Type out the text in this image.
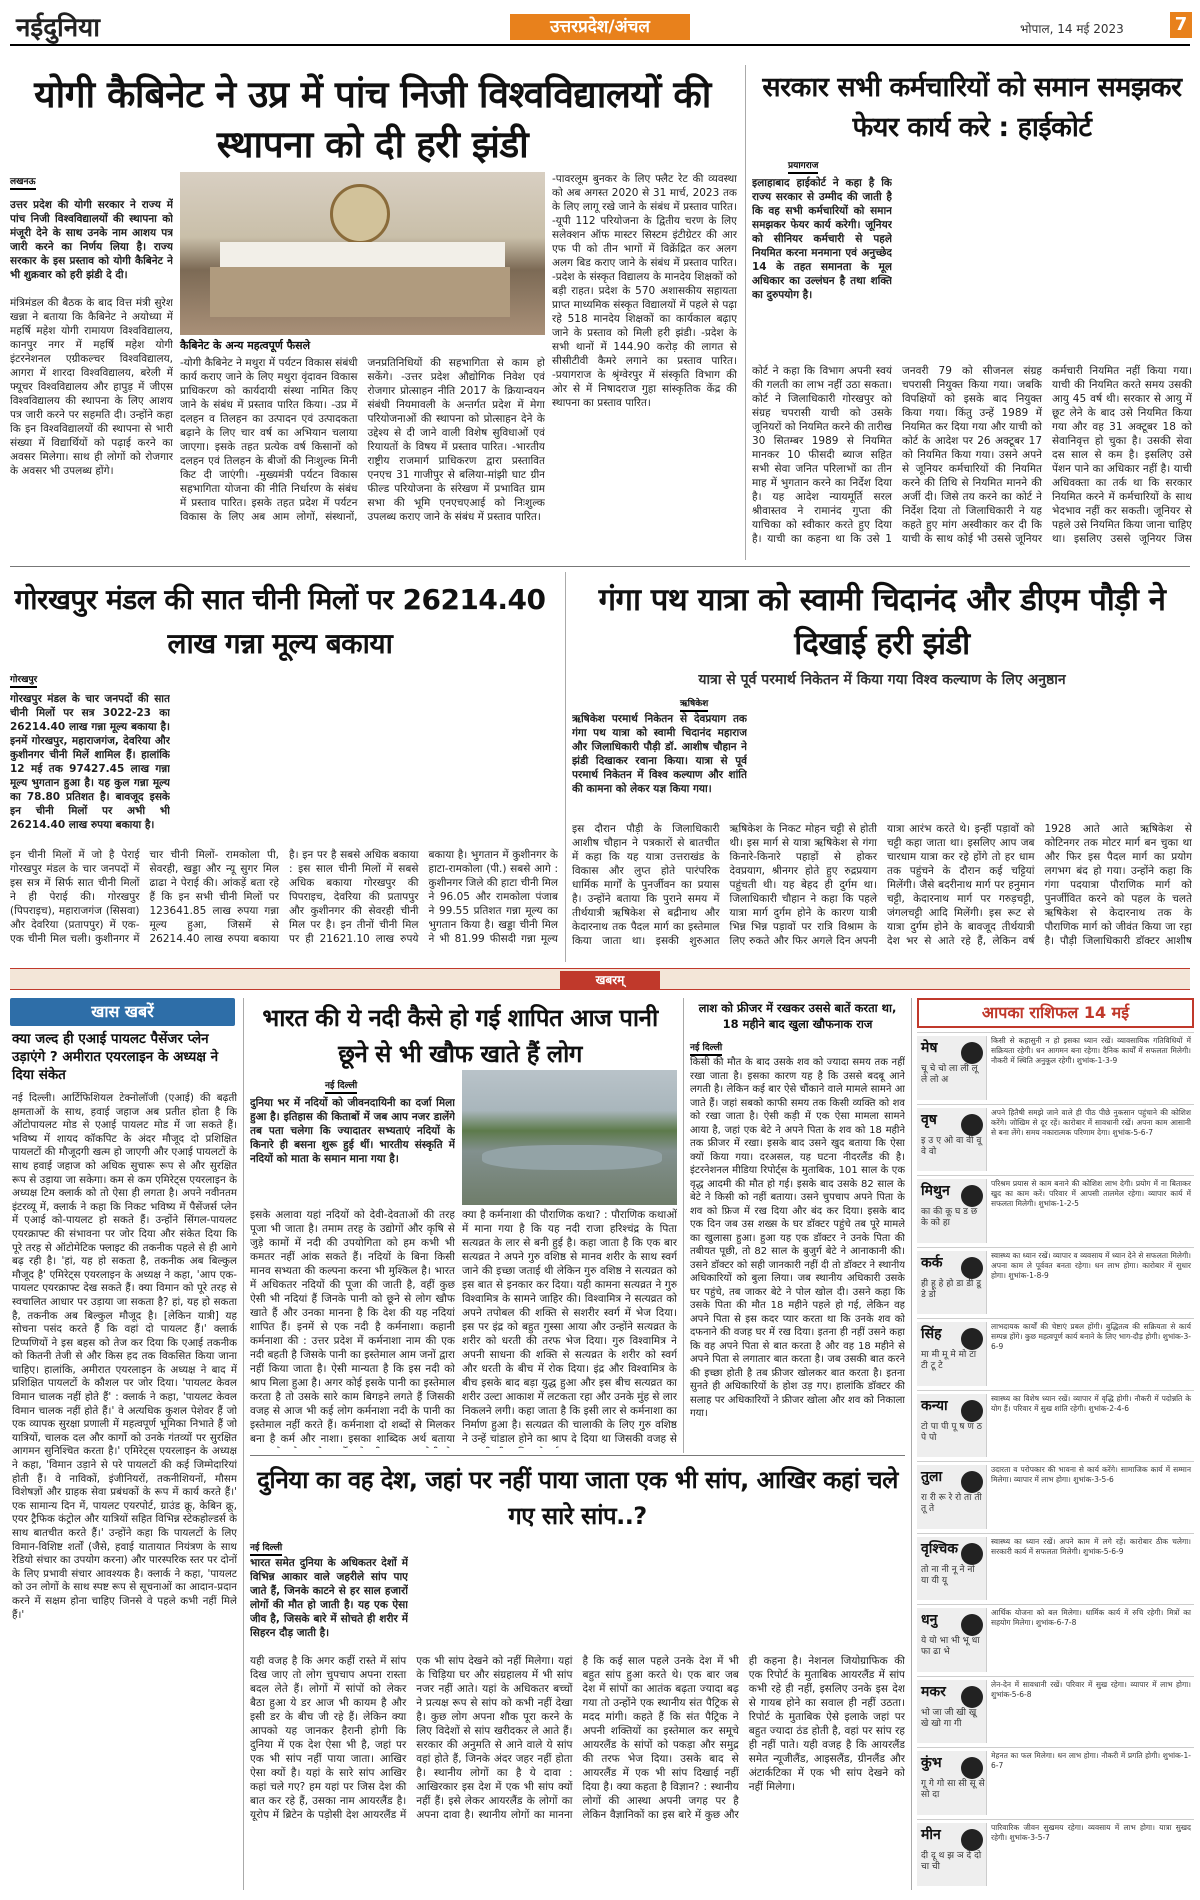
नईदुनिया	उत्तरप्रदेश/अंचल	भोपाल, 14 मई 2023	7
योगी कैबिनेट ने उप्र में पांच निजी विश्वविद्यालयों की स्थापना को दी हरी झंडी
लखनऊ
उत्तर प्रदेश की योगी सरकार ने राज्य में पांच निजी विश्वविद्यालयों की स्थापना को मंजूरी देने के साथ उनके नाम आशय पत्र जारी करने का निर्णय लिया है। राज्य सरकार के इस प्रस्ताव को योगी कैबिनेट ने भी शुक्रवार को हरी झंडी दे दी।
मंत्रिमंडल की बैठक के बाद वित्त मंत्री सुरेश खन्ना ने बताया कि कैबिनेट ने अयोध्या में महर्षि महेश योगी रामायण विश्वविद्यालय, कानपुर नगर में महर्षि महेश योगी इंटरनेशनल एग्रीकल्चर विश्वविद्यालय, आगरा में शारदा विश्वविद्यालय, बरेली में फ्यूचर विश्वविद्यालय और हापुड़ में जीएस विश्वविद्यालय की स्थापना के लिए आशय पत्र जारी करने पर सहमति दी। उन्होंने कहा कि इन विश्वविद्यालयों की स्थापना से भारी संख्या में विद्यार्थियों को पढ़ाई करने का अवसर मिलेगा। साथ ही लोगों को रोजगार के अवसर भी उपलब्ध होंगे।
कैबिनेट के अन्य महत्वपूर्ण फैसले
-योगी कैबिनेट ने मथुरा में पर्यटन विकास संबंधी कार्य कराए जाने के लिए मथुरा वृंदावन विकास प्राधिकरण को कार्यदायी संस्था नामित किए जाने के संबंध में प्रस्ताव पारित किया। -उप्र में दलहन व तिलहन का उत्पादन एवं उत्पादकता बढ़ाने के लिए चार वर्ष का अभियान चलाया जाएगा। इसके तहत प्रत्येक वर्ष किसानों को दलहन एवं तिलहन के बीजों की निःशुल्क मिनी किट दी जाएंगी। -मुख्यमंत्री पर्यटन विकास सहभागिता योजना की नीति निर्धारण के संबंध में प्रस्ताव पारित। इसके तहत प्रदेश में पर्यटन विकास के लिए अब आम लोगों, संस्थानों, जनप्रतिनिधियों की सहभागिता से काम हो सकेंगे। -उत्तर प्रदेश औद्योगिक निवेश एवं रोजगार प्रोत्साहन नीति 2017 के क्रियान्वयन संबंधी नियमावली के अन्तर्गत प्रदेश में मेगा परियोजनाओं की स्थापना को प्रोत्साहन देने के उद्देश्य से दी जाने वाली विशेष सुविधाओं एवं रियायतों के विषय में प्रस्ताव पारित। -भारतीय राष्ट्रीय राजमार्ग प्राधिकरण द्वारा प्रस्तावित एनएच 31 गाजीपुर से बलिया-मांझी घाट ग्रीन फील्ड परियोजना के संरेखण में प्रभावित ग्राम सभा की भूमि एनएचएआई को निःशुल्क उपलब्ध कराए जाने के संबंध में प्रस्ताव पारित।
-पावरलूम बुनकर के लिए फ्लैट रेट की व्यवस्था को अब अगस्त 2020 से 31 मार्च, 2023 तक के लिए लागू रखे जाने के संबंध में प्रस्ताव पारित। -यूपी 112 परियोजना के द्वितीय चरण के लिए सलेक्शन ऑफ मास्टर सिस्टम इंटीग्रेटर की आर एफ पी को तीन भागों में विक्रेंद्रित कर अलग अलग बिड कराए जाने के संबंध में प्रस्ताव पारित। -प्रदेश के संस्कृत विद्यालय के मानदेय शिक्षकों को बड़ी राहत। प्रदेश के 570 अशासकीय सहायता प्राप्त माध्यमिक संस्कृत विद्यालयों में पहले से पढ़ा रहे 518 मानदेय शिक्षकों का कार्यकाल बढ़ाए जाने के प्रस्ताव को मिली हरी झंडी। -प्रदेश के सभी थानों में 144.90 करोड़ की लागत से सीसीटीवी कैमरे लगाने का प्रस्ताव पारित। -प्रयागराज के श्रृंग्वेरपुर में संस्कृति विभाग की ओर से में निषादराज गुहा सांस्कृतिक केंद्र की स्थापना का प्रस्ताव पारित।
सरकार सभी कर्मचारियों को समान समझकर फेयर कार्य करे : हाईकोर्ट
प्रयागराज
इलाहाबाद हाईकोर्ट ने कहा है कि राज्य सरकार से उम्मीद की जाती है कि वह सभी कर्मचारियों को समान समझकर फेयर कार्य करेगी। जूनियर को सीनियर कर्मचारी से पहले नियमित करना मनमाना एवं अनुच्छेद 14 के तहत समानता के मूल अधिकार का उल्लंघन है तथा शक्ति का दुरुपयोग है।
कोर्ट ने कहा कि विभाग अपनी स्वयं की गलती का लाभ नहीं उठा सकता। कोर्ट ने जिलाधिकारी गोरखपुर को संग्रह चपरासी याची को उसके जूनियरों को नियमित करने की तारीख 30 सितम्बर 1989 से नियमित मानकर 10 फीसदी ब्याज सहित सभी सेवा जनित परिलाभों का तीन माह में भुगतान करने का निर्देश दिया है। यह आदेश न्यायमूर्ति सरल श्रीवास्तव ने रामानंद गुप्ता की याचिका को स्वीकार करते हुए दिया है। याची का कहना था कि उसे 1 जनवरी 79 को सीजनल संग्रह चपरासी नियुक्त किया गया। जबकि विपक्षियों को इसके बाद नियुक्त किया गया। किंतु उन्हें 1989 में नियमित कर दिया गया और याची को कोर्ट के आदेश पर 26 अक्टूबर 17 को नियमित किया गया। उसने अपने से जूनियर कर्मचारियों की नियमित करने की तिथि से नियमित मानने की अर्जी दी। जिसे तय करने का कोर्ट ने निर्देश दिया तो जिलाधिकारी ने यह कहते हुए मांग अस्वीकार कर दी कि याची के साथ कोई भी उससे जूनियर कर्मचारी नियमित नहीं किया गया। याची की नियमित करते समय उसकी आयु 45 वर्ष थी। सरकार से आयु में छूट लेने के बाद उसे नियमित किया गया और वह 31 अक्टूबर 18 को सेवानिवृत्त हो चुका है। उसकी सेवा दस साल से कम है। इसलिए उसे पेंशन पाने का अधिकार नहीं है। याची अधिवक्ता का तर्क था कि सरकार नियमित करने में कर्मचारियों के साथ भेदभाव नहीं कर सकती। जूनियर से पहले उसे नियमित किया जाना चाहिए था। इसलिए उससे जूनियर जिस
गोरखपुर मंडल की सात चीनी मिलों पर 26214.40 लाख गन्ना मूल्य बकाया
गोरखपुर
गोरखपुर मंडल के चार जनपदों की सात चीनी मिलों पर सत्र 3022-23 का 26214.40 लाख गन्ना मूल्य बकाया है। इनमें गोरखपुर, महाराजगंज, देवरिया और कुशीनगर चीनी मिलें शामिल हैं। हालांकि 12 मई तक 97427.45 लाख गन्ना मूल्य भुगतान हुआ है। यह कुल गन्ना मूल्य का 78.80 प्रतिशत है। बावजूद इसके इन चीनी मिलों पर अभी भी 26214.40 लाख रुपया बकाया है।
इन चीनी मिलों में जो है पेराई गोरखपुर मंडल के चार जनपदों में इस सत्र में सिर्फ सात चीनी मिलों ने ही पेराई की। गोरखपुर (पिपराइच), महाराजगंज (सिसवा) और देवरिया (प्रतापपुर) में एक-एक चीनी मिल चली। कुशीनगर में चार चीनी मिलों- रामकोला पी, सेवरही, खड्डा और न्यू सुगर मिल ढाढा ने पेराई की। आंकड़ें बता रहे हैं कि इन सभी चीनी मिलों पर 123641.85 लाख रुपया गन्ना मूल्य हुआ, जिसमें से 26214.40 लाख रुपया बकाया है। इन पर है सबसे अधिक बकाया : इस साल चीनी मिलों में सबसे अधिक बकाया गोरखपुर की पिपराइच, देवरिया की प्रतापपुर और कुशीनगर की सेवरही चीनी मिल पर है। इन तीनों चीनी मिल पर ही 21621.10 लाख रुपये बकाया है। भुगतान में कुशीनगर के हाटा-रामकोला (पी.) सबसे आगे : कुशीनगर जिले की हाटा चीनी मिल ने 96.05 और रामकोला पंजाब ने 99.55 प्रतिशत गन्ना मूल्य का भुगतान किया है। खड्डा चीनी मिल ने भी 81.99 फीसदी गन्ना मूल्य
गंगा पथ यात्रा को स्वामी चिदानंद और डीएम पौड़ी ने दिखाई हरी झंडी
यात्रा से पूर्व परमार्थ निकेतन में किया गया विश्व कल्याण के लिए अनुष्ठान
ऋषिकेश
ऋषिकेश परमार्थ निकेतन से देवप्रयाग तक गंगा पथ यात्रा को स्वामी चिदानंद महाराज और जिलाधिकारी पौड़ी डॉ. आशीष चौहान ने झंडी दिखाकर रवाना किया। यात्रा से पूर्व परमार्थ निकेतन में विश्व कल्याण और शांति की कामना को लेकर यज्ञ किया गया।
इस दौरान पौड़ी के जिलाधिकारी आशीष चौहान ने पत्रकारों से बातचीत में कहा कि यह यात्रा उत्तराखंड के विकास और लुप्त होते पारंपरिक धार्मिक मार्गों के पुनर्जीवन का प्रयास है। उन्होंने बताया कि पुराने समय में तीर्थयात्री ऋषिकेश से बद्रीनाथ और केदारनाथ तक पैदल मार्ग का इस्तेमाल किया जाता था। इसकी शुरुआत ऋषिकेश के निकट मोहन चट्टी से होती थी। इस मार्ग से यात्रा ऋषिकेश से गंगा किनारे-किनारे पहाड़ों से होकर देवप्रयाग, श्रीनगर होते हुए रुद्रप्रयाग पहुंचती थी। यह बेहद ही दुर्गम था। जिलाधिकारी चौहान ने कहा कि पहले यात्रा मार्ग दुर्गम होने के कारण यात्री भिन्न भिन्न पड़ावों पर रात्रि विश्राम के लिए रुकते और फिर अगले दिन अपनी यात्रा आरंभ करते थे। इन्हीं पड़ावों को चट्टी कहा जाता था। इसलिए आप जब चारधाम यात्रा कर रहे होंगे तो हर धाम तक पहुंचने के दौरान कई चट्टियां मिलेंगी। जैसे बदरीनाथ मार्ग पर हनुमान चट्टी, केदारनाथ मार्ग पर गरुड़चट्टी, जंगलचट्टी आदि मिलेंगी। इस रूट से यात्रा दुर्गम होने के बावजूद तीर्थयात्री देश भर से आते रहे हैं, लेकिन वर्ष 1928 आते आते ऋषिकेश से कोटिनगर तक मोटर मार्ग बन चुका था और फिर इस पैदल मार्ग का प्रयोग लगभग बंद हो गया। उन्होंने कहा कि गंगा पदयात्रा पौराणिक मार्ग को पुनर्जीवित करने को पहल के चलते ऋषिकेश से केदारनाथ तक के पौराणिक मार्ग को जीवंत किया जा रहा है। पौड़ी जिलाधिकारी डॉक्टर आशीष
खबरम्
खास खबरें
क्या जल्द ही एआई पायलट पैसेंजर प्लेन उड़ाएंगे ? अमीरात एयरलाइन के अध्यक्ष ने दिया संकेत
नई दिल्ली। आर्टिफिशियल टेक्नोलॉजी (एआई) की बढ़ती क्षमताओं के साथ, हवाई जहाज अब प्रतीत होता है कि ऑटोपायलट मोड से एआई पायलट मोड में जा सकते हैं। भविष्य में शायद कॉकपिट के अंदर मौजूद दो प्रशिक्षित पायलटों की मौजूदगी खत्म हो जाएगी और एआई पायलटों के साथ हवाई जहाज को अधिक सुचारू रूप से और सुरक्षित रूप से उड़ाया जा सकेगा। कम से कम एमिरेट्स एयरलाइन के अध्यक्ष टिम क्लार्क को तो ऐसा ही लगता है। अपने नवीनतम इंटरव्यू में, क्लार्क ने कहा कि निकट भविष्य में पैसेंजर्स प्लेन में एआई को-पायलट हो सकते हैं। उन्होंने सिंगल-पायलट एयरक्राफ्ट की संभावना पर जोर दिया और संकेत दिया कि पूरे तरह से ऑटोमेटिक फ्लाइट की तकनीक पहले से ही आगे बढ़ रही है। 'हां, यह हो सकता है, तकनीक अब बिल्कुल मौजूद है' एमिरेट्स एयरलाइन के अध्यक्ष ने कहा, 'आप एक-पायलट एयरक्राफ्ट देख सकते हैं। क्या विमान को पूरे तरह से स्वचालित आधार पर उड़ाया जा सकता है? हां, यह हो सकता है, तकनीक अब बिल्कुल मौजूद है। [लेकिन यात्री] यह सोचना पसंद करते हैं कि वहां दो पायलट हैं।' क्लार्क टिप्पणियों ने इस बहस को तेज कर दिया कि एआई तकनीक को कितनी तेजी से और किस हद तक विकसित किया जाना चाहिए। हालांकि, अमीरात एयरलाइन के अध्यक्ष ने बाद में प्रशिक्षित पायलटों के कौशल पर जोर दिया। 'पायलट केवल विमान चालक नहीं होते हैं' : क्लार्क ने कहा, 'पायलट केवल विमान चालक नहीं होते हैं।' वे अत्यधिक कुशल पेशेवर हैं जो एक व्यापक सुरक्षा प्रणाली में महत्वपूर्ण भूमिका निभाते हैं जो यात्रियों, चालक दल और कार्गो को उनके गंतव्यों पर सुरक्षित आगमन सुनिश्चित करता है।' एमिरेट्स एयरलाइन के अध्यक्ष ने कहा, 'विमान उड़ाने से परे पायलटों की कई जिम्मेदारियां होती हैं। वे नाविकों, इंजीनियरों, तकनीशियनों, मौसम विशेषज्ञों और ग्राहक सेवा प्रबंधकों के रूप में कार्य करते हैं।' एक सामान्य दिन में, पायलट एयरपोर्ट, ग्राउंड क्रू, केबिन क्रू, एयर ट्रैफिक कंट्रोल और यात्रियों सहित विभिन्न स्टेकहोल्डर्स के साथ बातचीत करते हैं।' उन्होंने कहा कि पायलटों के लिए विमान-विशिष्ट शर्तों (जैसे, हवाई यातायात नियंत्रण के साथ रेडियो संचार का उपयोग करना) और पारस्परिक स्तर पर दोनों के लिए प्रभावी संचार आवश्यक है। क्लार्क ने कहा, 'पायलट को उन लोगों के साथ स्पष्ट रूप से सूचनाओं का आदान-प्रदान करने में सक्षम होना चाहिए जिनसे वे पहले कभी नहीं मिले हैं।'
भारत की ये नदी कैसे हो गई शापित आज पानी छूने से भी खौफ खाते हैं लोग
नई दिल्ली
दुनिया भर में नदियों को जीवनदायिनी का दर्जा मिला हुआ है। इतिहास की किताबों में जब आप नजर डालेंगे तब पता चलेगा कि ज्यादातर सभ्यताएं नदियों के किनारे ही बसना शुरू हुई थीं। भारतीय संस्कृति में नदियों को माता के समान माना गया है।
इसके अलावा यहां नदियों को देवी-देवताओं की तरह पूजा भी जाता है। तमाम तरह के उद्योगों और कृषि से जुड़े कामों में नदी की उपयोगिता को हम कभी भी कमतर नहीं आंक सकते हैं। नदियों के बिना किसी मानव सभ्यता की कल्पना करना भी मुश्किल है। भारत में अधिकतर नदियों की पूजा की जाती है, वहीं कुछ ऐसी भी नदियां हैं जिनके पानी को छूने से लोग खौफ खाते हैं और उनका मानना है कि देश की यह नदियां शापित हैं। इनमें से एक नदी है कर्मनाशा। कहानी कर्मनाशा की : उत्तर प्रदेश में कर्मनाशा नाम की एक नदी बहती है जिसके पानी का इस्तेमाल आम जनों द्वारा नहीं किया जाता है। ऐसी मान्यता है कि इस नदी को श्राप मिला हुआ है। अगर कोई इसके पानी का इस्तेमाल करता है तो उसके सारे काम बिगड़ने लगते हैं जिसकी वजह से आज भी कई लोग कर्मनाशा नदी के पानी का इस्तेमाल नहीं करते हैं। कर्मनाशा दो शब्दों से मिलकर बना है कर्म और नाशा। इसका शाब्दिक अर्थ बताया
क्या है कर्मनाशा की पौराणिक कथा? : पौराणिक कथाओं में माना गया है कि यह नदी राजा हरिश्चंद्र के पिता सत्यव्रत के लार से बनी हुई है। कहा जाता है कि एक बार सत्यव्रत ने अपने गुरु वशिष्ठ से मानव शरीर के साथ स्वर्ग जाने की इच्छा जताई थी लेकिन गुरु वशिष्ठ ने सत्यव्रत को इस बात से इनकार कर दिया। यही कामना सत्यव्रत ने गुरु विश्वामित्र के सामने जाहिर की। विश्वामित्र ने सत्यव्रत को अपने तपोबल की शक्ति से सशरीर स्वर्ग में भेज दिया। इस पर इंद्र को बहुत गुस्सा आया और उन्होंने सत्यव्रत के शरीर को धरती की तरफ भेज दिया। गुरु विश्वामित्र ने अपनी साधना की शक्ति से सत्यव्रत के शरीर को स्वर्ग और धरती के बीच में रोक दिया। इंद्र और विश्वामित्र के बीच इसके बाद बड़ा युद्ध हुआ और इस बीच सत्यव्रत का शरीर उल्टा आकाश में लटकता रहा और उनके मुंह से लार निकलने लगी। कहा जाता है कि इसी लार से कर्मनाशा का निर्माण हुआ है। सत्यव्रत की चालाकी के लिए गुरु वशिष्ठ ने उन्हें चांडाल होने का श्राप दे दिया था जिसकी वजह से
लाश को फ्रीजर में रखकर उससे बातें करता था, 18 महीने बाद खुला खौफनाक राज
नई दिल्ली
किसी की मौत के बाद उसके शव को ज्यादा समय तक नहीं रखा जाता है। इसका कारण यह है कि उससे बदबू आने लगती है। लेकिन कई बार ऐसे चौंकाने वाले मामले सामने आ जाते हैं। जहां सबको काफी समय तक किसी व्यक्ति को शव को रखा जाता है। ऐसी कड़ी में एक ऐसा मामला सामने आया है, जहां एक बेटे ने अपने पिता के शव को 18 महीने तक फ्रीजर में रखा। इसके बाद उसने खुद बताया कि ऐसा क्यों किया गया। दरअसल, यह घटना नीदरलैंड की है। इंटरनेशनल मीडिया रिपोर्ट्स के मुताबिक, 101 साल के एक वृद्ध आदमी की मौत हो गई। इसके बाद उसके 82 साल के बेटे ने किसी को नहीं बताया। उसने चुपचाप अपने पिता के शव को फ्रिज में रख दिया और बंद कर दिया। इसके बाद एक दिन जब उस शख्स के घर डॉक्टर पहुंचे तब पूरे मामले का खुलासा हुआ। हुआ यह एक डॉक्टर ने उनके पिता की तबीयत पूछी, तो 82 साल के बुजुर्ग बेटे ने आनाकानी की। उसने डॉक्टर को सही जानकारी नहीं दी तो डॉक्टर ने स्थानीय अधिकारियों को बुला लिया। जब स्थानीय अधिकारी उसके घर पहुंचे, तब जाकर बेटे ने पोल खोल दी। उसने कहा कि उसके पिता की मौत 18 महीने पहले हो गई, लेकिन वह अपने पिता से इस कदर प्यार करता था कि उनके शव को दफनाने की वजह घर में रख दिया। इतना ही नहीं उसने कहा कि वह अपने पिता से बात करता है और वह 18 महीने से अपने पिता से लगातार बात करता है। जब उसकी बात करने की इच्छा होती है तब फ्रीजर खोलकर बात करता है। इतना सुनते ही अधिकारियों के होश उड़ गए। हालांकि डॉक्टर की सलाह पर अधिकारियों ने फ्रीजर खोला और शव को निकाला गया।
दुनिया का वह देश, जहां पर नहीं पाया जाता एक भी सांप, आखिर कहां चले गए सारे सांप..?
नई दिल्ली
भारत समेत दुनिया के अधिकतर देशों में विभिन्न आकार वाले जहरीले सांप पाए जाते हैं, जिनके काटने से हर साल हजारों लोगों की मौत हो जाती है। यह एक ऐसा जीव है, जिसके बारे में सोचते ही शरीर में सिहरन दौड़ जाती है।
यही वजह है कि अगर कहीं रास्ते में सांप दिख जाए तो लोग चुपचाप अपना रास्ता बदल लेते हैं। लोगों में सांपों को लेकर बैठा हुआ ये डर आज भी कायम है और इसी डर के बीच जी रहे हैं। लेकिन क्या आपको यह जानकर हैरानी होगी कि दुनिया में एक देश ऐसा भी है, जहां पर एक भी सांप नहीं पाया जाता। आखिर ऐसा क्यों है। यहां के सारे सांप आखिर कहां चले गए? हम यहां पर जिस देश की बात कर रहे हैं, उसका नाम आयरलैंड है। यूरोप में ब्रिटेन के पड़ोसी देश आयरलैंड में एक भी सांप देखने को नहीं मिलेगा। यहां के चिड़िया घर और संग्रहालय में भी सांप नजर नहीं आते। यहां के अधिकतर बच्चों ने प्रत्यक्ष रूप से सांप को कभी नहीं देखा है। कुछ लोग अपना शौक पूरा करने के लिए विदेशों से सांप खरीदकर ले आते हैं। सरकार की अनुमति से आने वाले ये सांप वहां होते हैं, जिनके अंदर जहर नहीं होता है। स्थानीय लोगों का है ये दावा : आखिरकार इस देश में एक भी सांप क्यों नहीं हैं। इसे लेकर आयरलैंड के लोगों का अपना दावा है। स्थानीय लोगों का मानना है कि कई साल पहले उनके देश में भी बहुत सांप हुआ करते थे। एक बार जब देश में सांपों का आतंक बढ़ता ज्यादा बढ़ गया तो उन्होंने एक स्थानीय संत पैट्रिक से मदद मांगी। कहते हैं कि संत पैट्रिक ने अपनी शक्तियों का इस्तेमाल कर समूचे आयरलैंड के सांपों को पकड़ा और समुद्र की तरफ भेज दिया। उसके बाद से आयरलैंड में एक भी सांप दिखाई नहीं दिया है। क्या कहता है विज्ञान? : स्थानीय लोगों की आस्था अपनी जगह पर है लेकिन वैज्ञानिकों का इस बारे में कुछ और ही कहना है। नेशनल जियोग्राफिक की एक रिपोर्ट के मुताबिक आयरलैंड में सांप कभी रहे ही नहीं, इसलिए उनके इस देश से गायब होने का सवाल ही नहीं उठता। रिपोर्ट के मुताबिक ऐसे इलाके जहां पर बहुत ज्यादा ठंड होती है, वहां पर सांप रह ही नहीं पाते। यही वजह है कि आयरलैंड समेत न्यूजीलैंड, आइसलैंड, ग्रीनलैंड और अंटार्कटिका में एक भी सांप देखने को नहीं मिलेगा।
आपका राशिफल 14 मई
मेष
चू चे चो ला ली लू ले लो अ
किसी से कहासुनी न हो इसका ध्यान रखें। व्यावसायिक गतिविधियों में सक्रियता रहेगी। धन आगमन बना रहेगा। दैनिक कार्यों में सफलता मिलेगी। नौकरी में स्थिति अनुकूल रहेगी। शुभांक-1-3-9
वृष
इ उ ए ओ वा वी वू वे वो
अपने हितैषी समझे जाने वाले ही पीठ पीछे नुकसान पहुंचाने की कोशिश करेंगे। जोखिम से दूर रहें। कारोबार में सावधानी रखें। अपना काम आसानी से बना लेंगे। समय नकारात्मक परिणाम देगा। शुभांक-5-6-7
मिथुन
का की कू घ ड छ के को हा
परिश्रम प्रयास से काम बनाने की कोशिश लाभ देगी। प्रयोग में ना बिताकर खुद का काम करें। परिवार में आपसी तालमेल रहेगा। व्यापार कार्य में सफलता मिलेगी। शुभांक-1-2-5
कर्क
ही हू हे हो डा डी डू डे डो
स्वास्थ्य का ध्यान रखें। व्यापार व व्यवसाय में ध्यान देने से सफलता मिलेगी। अपना काम ले पूर्ववत बनता रहेगा। धन लाभ होगा। कारोबार में सुधार होगा। शुभांक-1-8-9
सिंह
मा मी मू मे मो टा टी टू टे
लाभदायक कार्यों की चेष्टाएं प्रबल होंगी। बुद्धितत्व की सक्रियता से कार्य सम्पन्न होंगे। कुछ महत्वपूर्ण कार्य बनाने के लिए भाग-दौड़ होगी। शुभांक-3-6-9
कन्या
टो पा पी पू ष ण ठ पे पो
स्वास्थ्य का विशेष ध्यान रखें। व्यापार में वृद्धि होगी। नौकरी में पदोन्नति के योग हैं। परिवार में सुख शांति रहेगी। शुभांक-2-4-6
तुला
रा री रू रे रो ता ती तू ते
उदारता व परोपकार की भावना से कार्य करेंगे। सामाजिक कार्य में सम्मान मिलेगा। व्यापार में लाभ होगा। शुभांक-3-5-6
वृश्चिक
तो ना नी नू ने नो या यी यू
स्वास्थ्य का ध्यान रखें। अपने काम में लगे रहें। कारोबार ठीक चलेगा। सरकारी कार्य में सफलता मिलेगी। शुभांक-5-6-9
धनु
ये यो भा भी भू धा फा ढा भे
आर्थिक योजना को बल मिलेगा। धार्मिक कार्य में रुचि रहेगी। मित्रों का सहयोग मिलेगा। शुभांक-6-7-8
मकर
भो जा जी खी खू खे खो गा गी
लेन-देन में सावधानी रखें। परिवार में सुख रहेगा। व्यापार में लाभ होगा। शुभांक-5-6-8
कुंभ
गू गे गो सा सी सू से सो दा
मेहनत का फल मिलेगा। धन लाभ होगा। नौकरी में प्रगति होगी। शुभांक-1-6-7
मीन
दी दू थ झ ञ दे दो चा ची
पारिवारिक जीवन सुखमय रहेगा। व्यवसाय में लाभ होगा। यात्रा सुखद रहेगी। शुभांक-3-5-7
